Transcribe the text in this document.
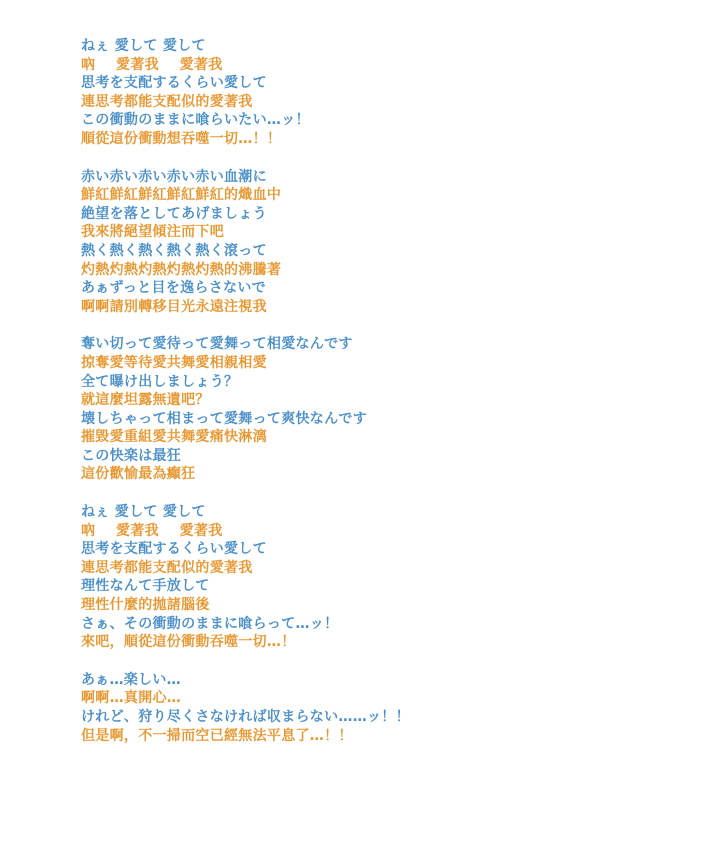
ねぇ 愛して 愛して
吶    愛著我    愛著我
思考を支配するくらい愛して
連思考都能支配似的愛著我
この衝動のままに喰らいたい…ッ！
順從這份衝動想吞噬一切…！！
赤い赤い赤い赤い赤い血潮に
鮮紅鮮紅鮮紅鮮紅鮮紅的熾血中
絶望を落としてあげましょう
我來將絕望傾注而下吧
熱く熱く熱く熱く熱く滾って
灼熱灼熱灼熱灼熱灼熱的沸騰著
あぁずっと目を逸らさないで
啊啊請別轉移目光永遠注視我
奪い切って愛待って愛舞って相愛なんです
掠奪愛等待愛共舞愛相親相愛
全て曝け出しましょう？
就這麼坦露無遺吧？
壊しちゃって相まって愛舞って爽快なんです
摧毀愛重組愛共舞愛痛快淋漓
この快楽は最狂
這份歡愉最為癲狂
ねぇ 愛して 愛して
吶    愛著我    愛著我
思考を支配するくらい愛して
連思考都能支配似的愛著我
理性なんて手放して
理性什麼的拋諸腦後
さぁ、その衝動のままに喰らって…ッ！
來吧，順從這份衝動吞噬一切…！
あぁ…楽しい…
啊啊…真開心…
けれど、狩り尽くさなければ収まらない……ッ！！
但是啊，不一掃而空已經無法平息了…！！
